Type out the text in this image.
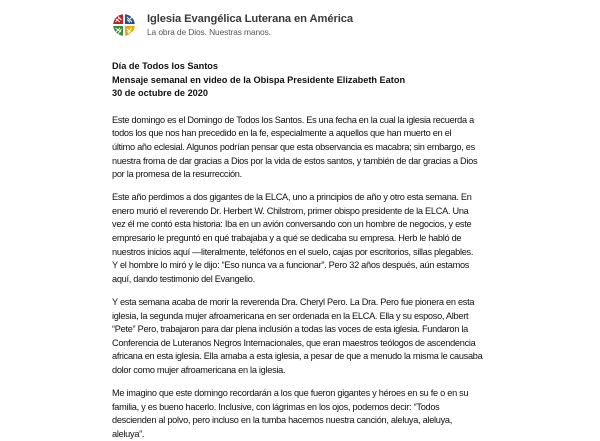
Iglesia Evangélica Luterana en América
La obra de Dios. Nuestras manos.
Día de Todos los Santos
Mensaje semanal en video de la Obispa Presidente Elizabeth Eaton
30 de octubre de 2020

Este domingo es el Domingo de Todos los Santos. Es una fecha en la cual la iglesia recuerda a
todos los que nos han precedido en la fe, especialmente a aquellos que han muerto en el
último año eclesial. Algunos podrían pensar que esta observancia es macabra; sin embargo, es
nuestra froma de dar gracias a Dios por la vida de estos santos, y también de dar gracias a Dios
por la promesa de la resurrección.

Este año perdimos a dos gigantes de la ELCA, uno a principios de año y otro esta semana. En
enero murió el reverendo Dr. Herbert W. Chilstrom, primer obispo presidente de la ELCA. Una
vez él me contó esta historia: Iba en un avión conversando con un hombre de negocios, y este
empresario le preguntó en qué trabajaba y a qué se dedicaba su empresa. Herb le habló de
nuestros inicios aquí —literalmente, teléfonos en el suelo, cajas por escritorios, sillas plegables.
Y el hombre lo miró y le dijo: “Eso nunca va a funcionar”. Pero 32 años después, aún estamos
aquí, dando testimonio del Evangelio.

Y esta semana acaba de morir la reverenda Dra. Cheryl Pero. La Dra. Pero fue pionera en esta
iglesia, la segunda mujer afroamericana en ser ordenada en la ELCA. Ella y su esposo, Albert
“Pete” Pero, trabajaron para dar plena inclusión a todas las voces de esta iglesia. Fundaron la
Conferencia de Luteranos Negros Internacionales, que eran maestros teólogos de ascendencia
africana en esta iglesia. Ella amaba a esta iglesia, a pesar de que a menudo la misma le causaba
dolor como mujer afroamericana en la iglesia.

Me imagino que este domingo recordarán a los que fueron gigantes y héroes en su fe o en su
familia, y es bueno hacerlo. Inclusive, con lágrimas en los ojos, podemos decir: “Todos
descienden al polvo, pero incluso en la tumba hacemos nuestra canción, aleluya, aleluya,
aleluya”.
